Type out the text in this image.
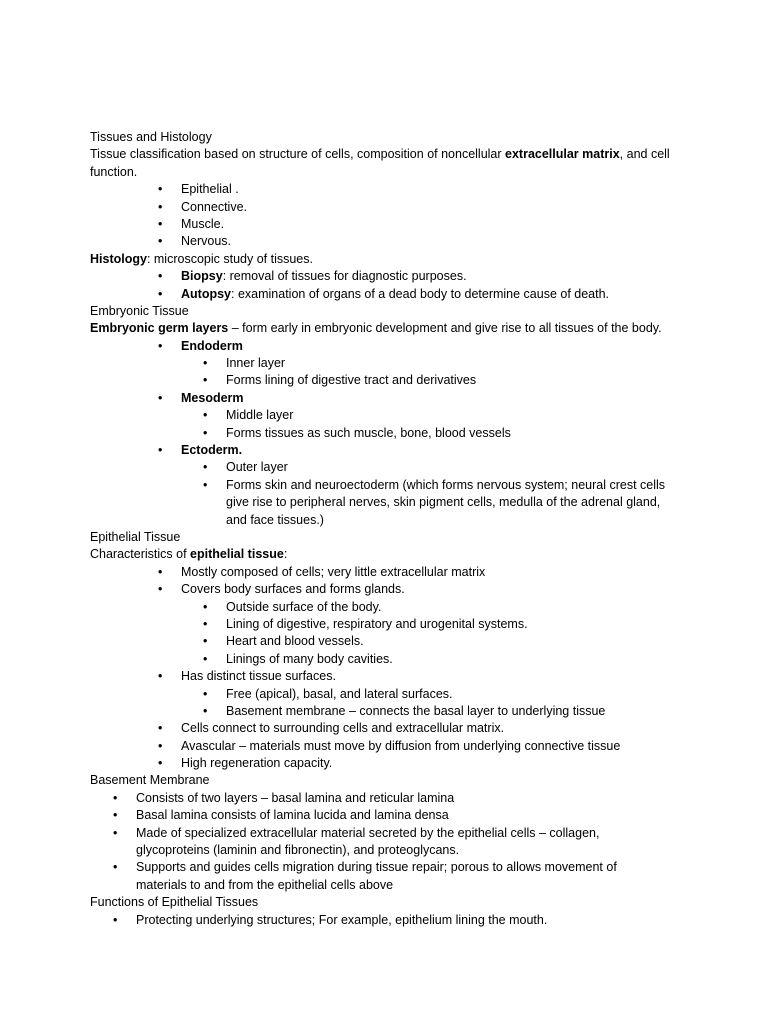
Tissues and Histology
Tissue classification based on structure of cells, composition of noncellular extracellular matrix, and cell
function.
• Epithelial .
• Connective.
• Muscle.
• Nervous.
Histology: microscopic study of tissues.
• Biopsy: removal of tissues for diagnostic purposes.
• Autopsy: examination of organs of a dead body to determine cause of death.
Embryonic Tissue
Embryonic germ layers – form early in embryonic development and give rise to all tissues of the body.
• Endoderm
• Inner layer
• Forms lining of digestive tract and derivatives
• Mesoderm
• Middle layer
• Forms tissues as such muscle, bone, blood vessels
• Ectoderm.
• Outer layer
• Forms skin and neuroectoderm (which forms nervous system; neural crest cells
give rise to peripheral nerves, skin pigment cells, medulla of the adrenal gland,
and face tissues.)
Epithelial Tissue
Characteristics of epithelial tissue:
• Mostly composed of cells; very little extracellular matrix
• Covers body surfaces and forms glands.
• Outside surface of the body.
• Lining of digestive, respiratory and urogenital systems.
• Heart and blood vessels.
• Linings of many body cavities.
• Has distinct tissue surfaces.
• Free (apical), basal, and lateral surfaces.
• Basement membrane – connects the basal layer to underlying tissue
• Cells connect to surrounding cells and extracellular matrix.
• Avascular – materials must move by diffusion from underlying connective tissue
• High regeneration capacity.
Basement Membrane
• Consists of two layers – basal lamina and reticular lamina
• Basal lamina consists of lamina lucida and lamina densa
• Made of specialized extracellular material secreted by the epithelial cells – collagen,
glycoproteins (laminin and fibronectin), and proteoglycans.
• Supports and guides cells migration during tissue repair; porous to allows movement of
materials to and from the epithelial cells above
Functions of Epithelial Tissues
• Protecting underlying structures; For example, epithelium lining the mouth.
